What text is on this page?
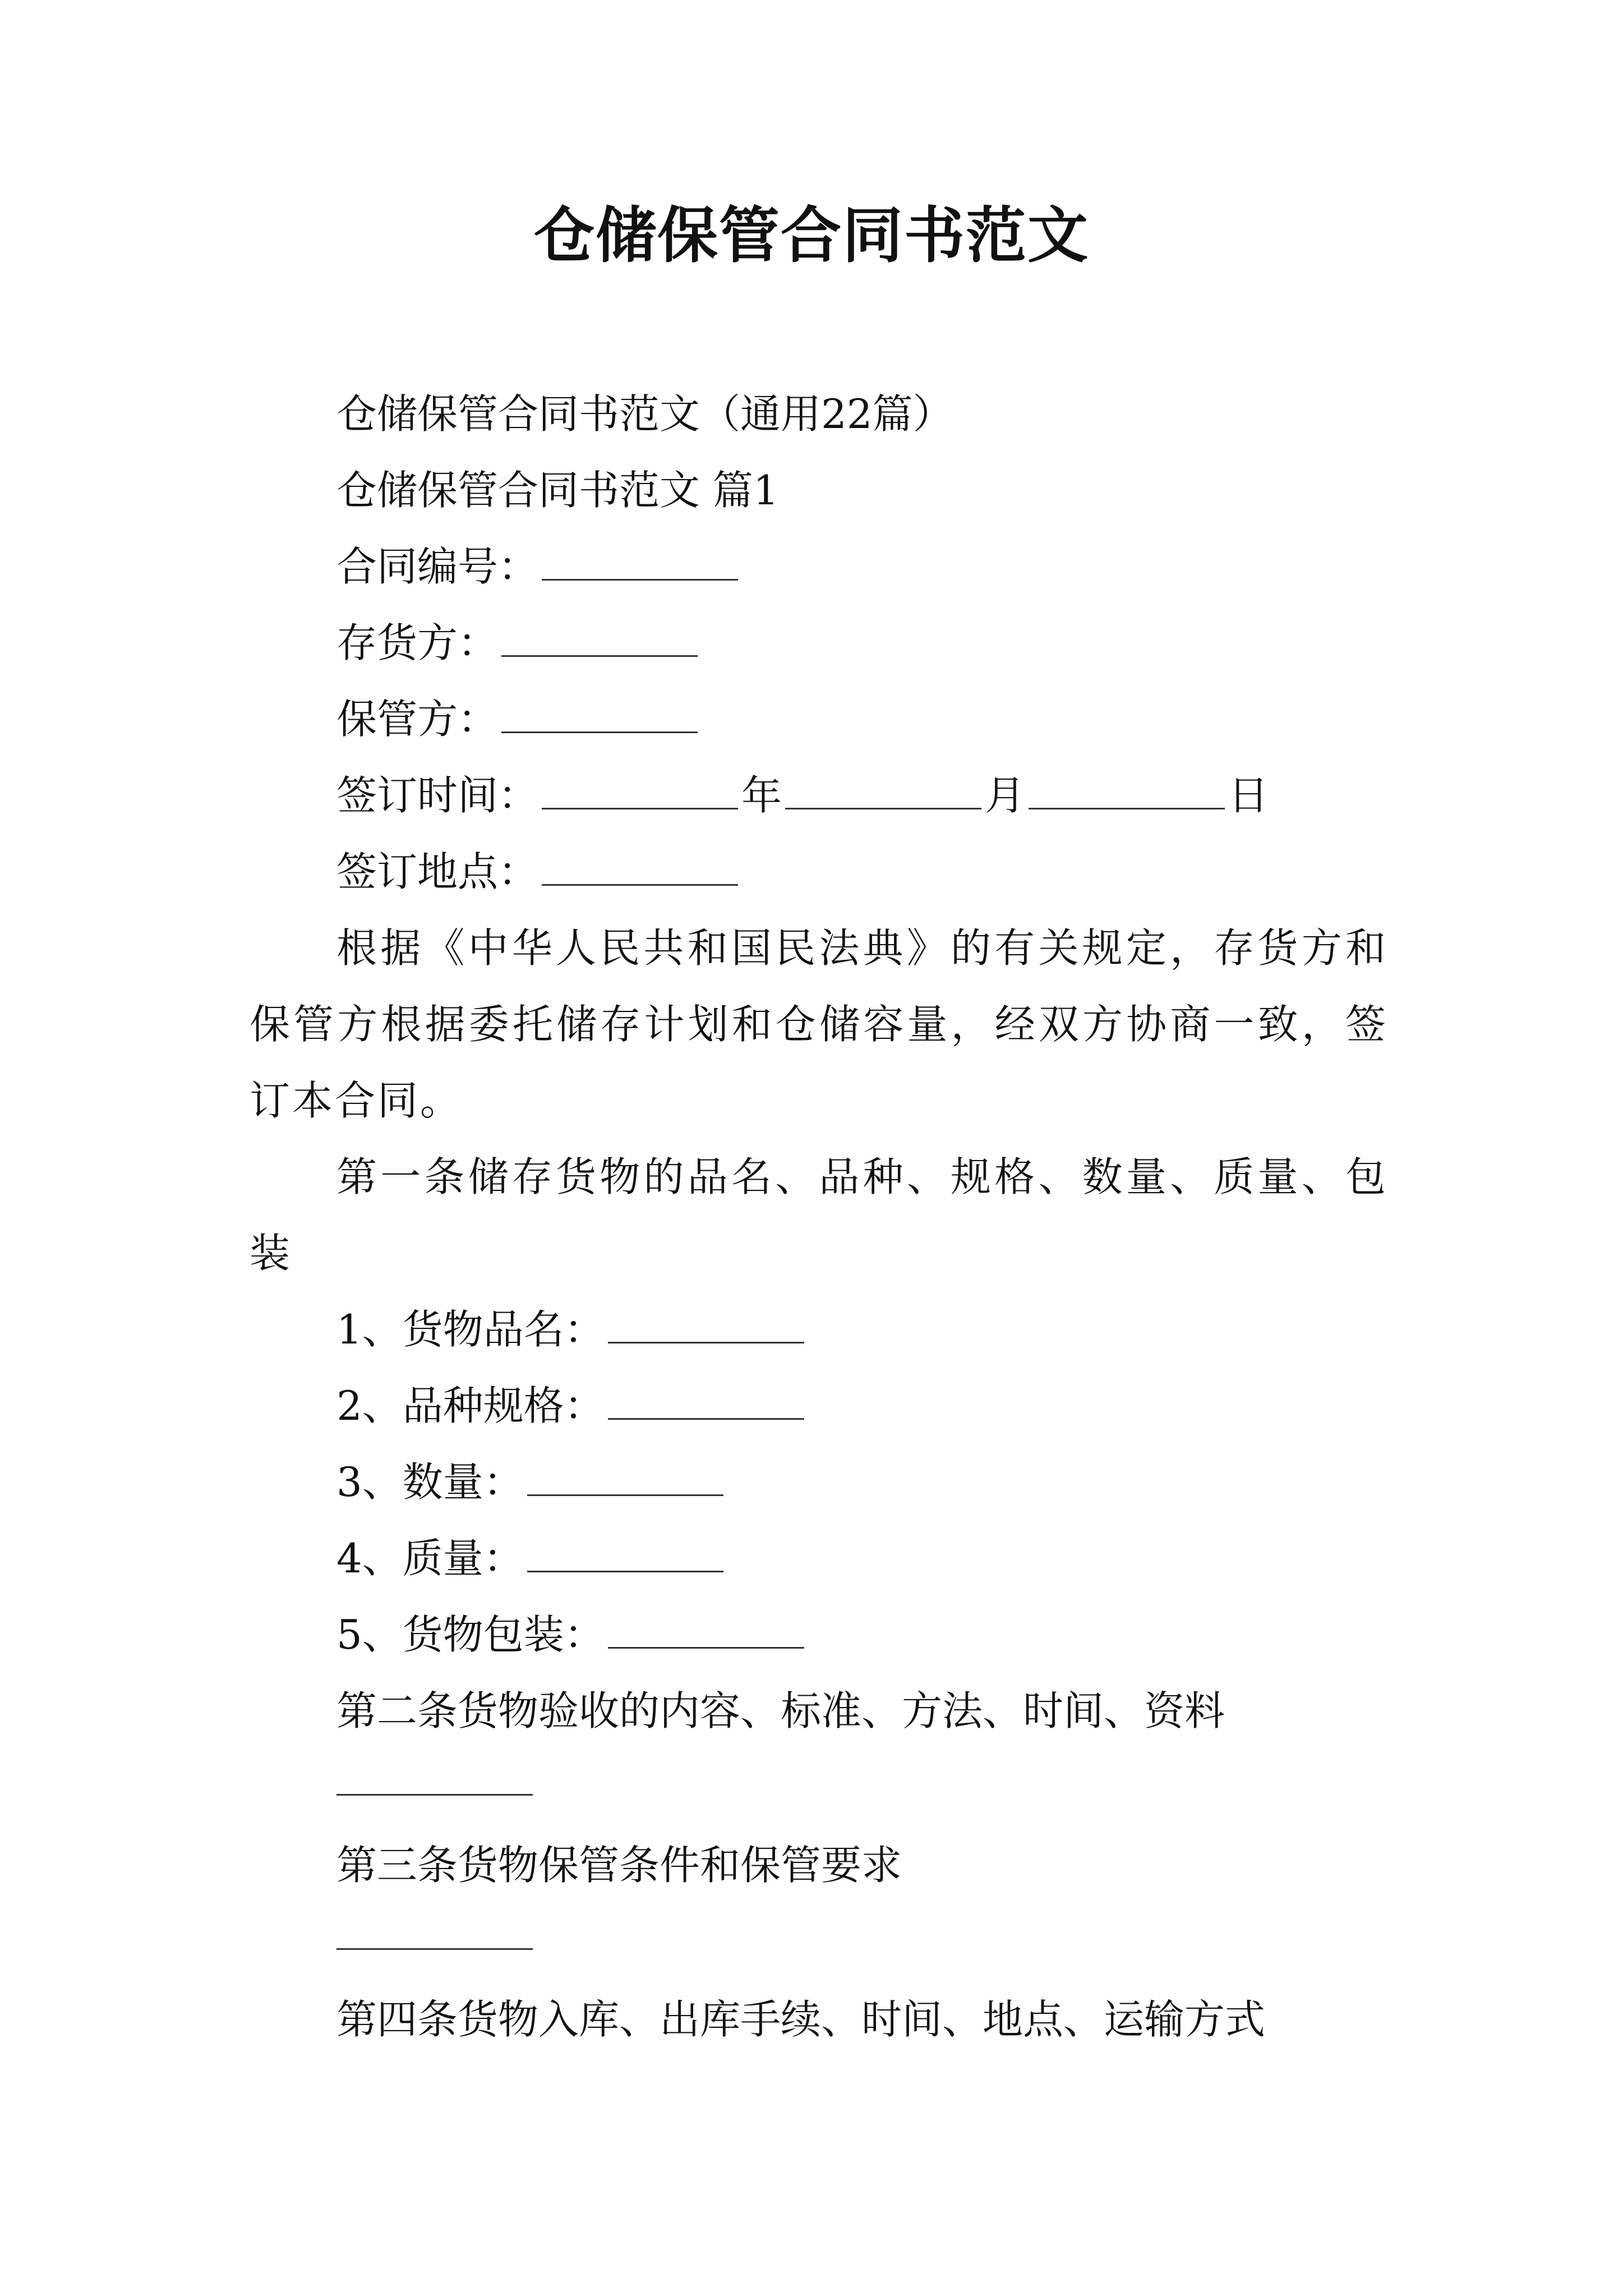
仓储保管合同书范文
仓储保管合同书范文（通用22篇）
仓储保管合同书范文 篇1
合同编号：
存货方：
保管方：
签订时间：	年	月	日
签订地点：
根据《中华人民共和国民法典》的有关规定，存货方和保管方根据委托储存计划和仓储容量，经双方协商一致，签订本合同。
第一条储存货物的品名、品种、规格、数量、质量、包装
1、货物品名：
2、品种规格：
3、数量：
4、质量：
5、货物包装：
第二条货物验收的内容、标准、方法、时间、资料
第三条货物保管条件和保管要求
第四条货物入库、出库手续、时间、地点、运输方式
